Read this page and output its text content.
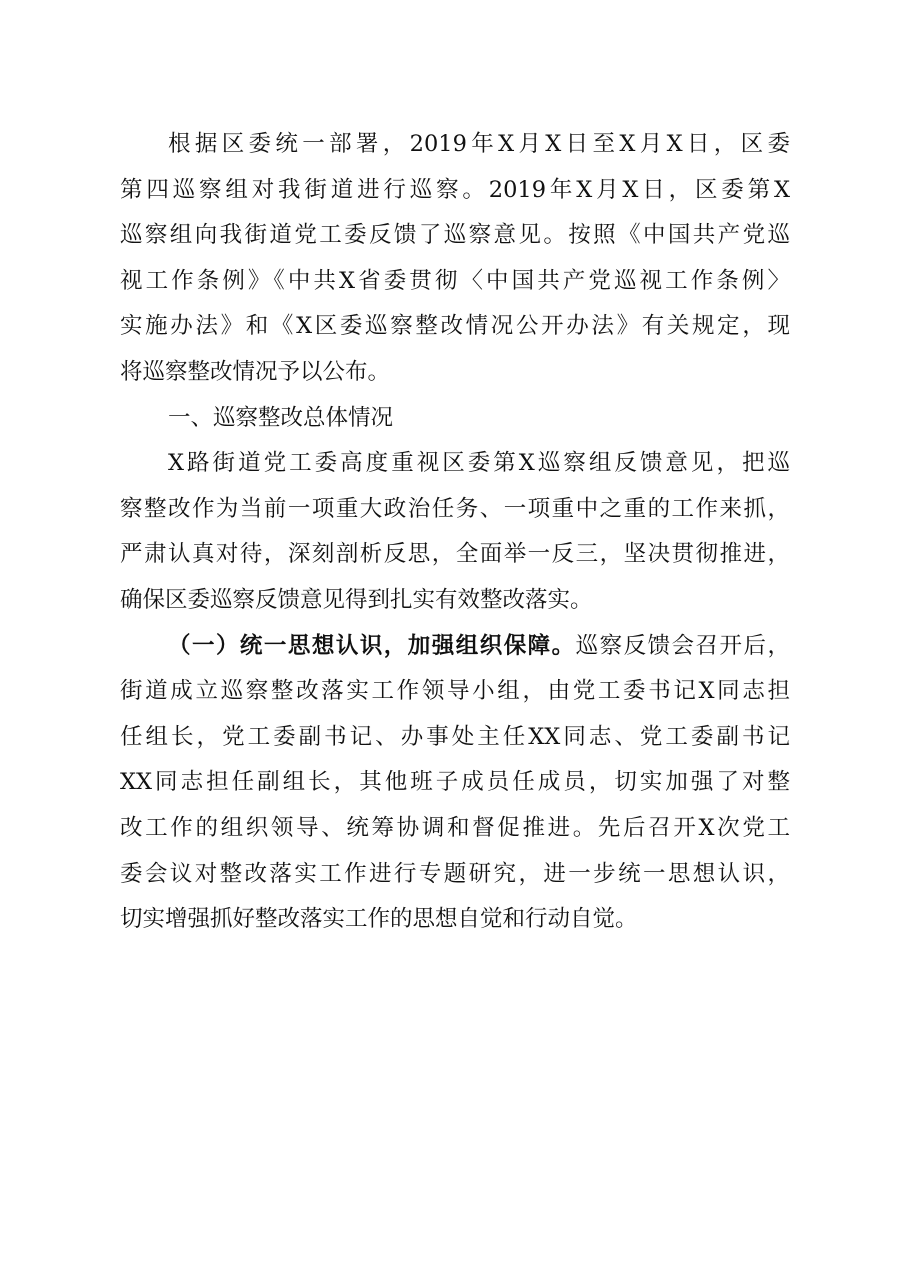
根据区委统一部署，2019年X月X日至X月X日，区委
第四巡察组对我街道进行巡察。2019年X月X日，区委第X
巡察组向我街道党工委反馈了巡察意见。按照《中国共产党巡
视工作条例》《中共X省委贯彻〈中国共产党巡视工作条例〉
实施办法》和《X区委巡察整改情况公开办法》有关规定，现
将巡察整改情况予以公布。
一、巡察整改总体情况
X路街道党工委高度重视区委第X巡察组反馈意见，把巡
察整改作为当前一项重大政治任务、一项重中之重的工作来抓，
严肃认真对待，深刻剖析反思，全面举一反三，坚决贯彻推进，
确保区委巡察反馈意见得到扎实有效整改落实。
（一）统一思想认识，加强组织保障。巡察反馈会召开后，
街道成立巡察整改落实工作领导小组，由党工委书记X同志担
任组长，党工委副书记、办事处主任XX同志、党工委副书记
XX同志担任副组长，其他班子成员任成员，切实加强了对整
改工作的组织领导、统筹协调和督促推进。先后召开X次党工
委会议对整改落实工作进行专题研究，进一步统一思想认识，
切实增强抓好整改落实工作的思想自觉和行动自觉。
